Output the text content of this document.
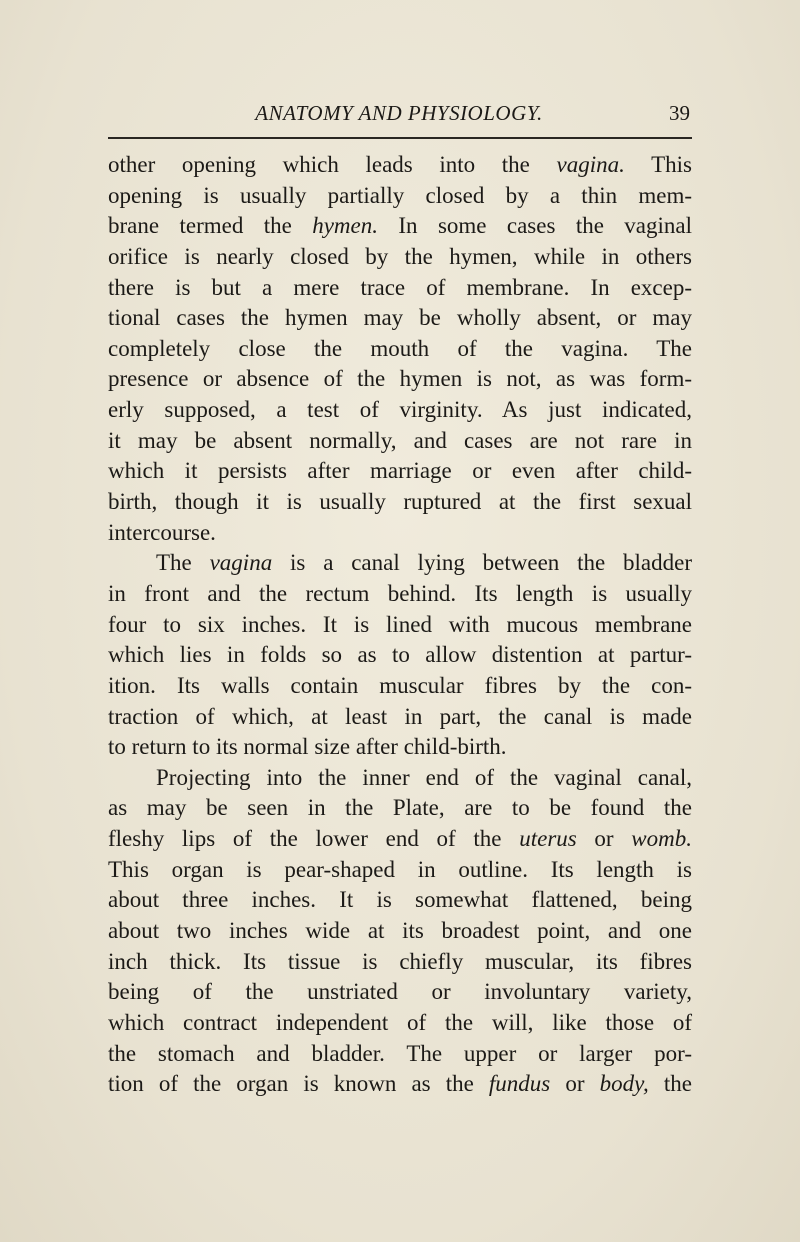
ANATOMY AND PHYSIOLOGY.	39
other opening which leads into the vagina. This
opening is usually partially closed by a thin mem-
brane termed the hymen. In some cases the vaginal
orifice is nearly closed by the hymen, while in others
there is but a mere trace of membrane. In excep-
tional cases the hymen may be wholly absent, or may
completely close the mouth of the vagina. The
presence or absence of the hymen is not, as was form-
erly supposed, a test of virginity. As just indicated,
it may be absent normally, and cases are not rare in
which it persists after marriage or even after child-
birth, though it is usually ruptured at the first sexual
intercourse.
The vagina is a canal lying between the bladder
in front and the rectum behind. Its length is usually
four to six inches. It is lined with mucous membrane
which lies in folds so as to allow distention at partur-
ition. Its walls contain muscular fibres by the con-
traction of which, at least in part, the canal is made
to return to its normal size after child-birth.
Projecting into the inner end of the vaginal canal,
as may be seen in the Plate, are to be found the
fleshy lips of the lower end of the uterus or womb.
This organ is pear-shaped in outline. Its length is
about three inches. It is somewhat flattened, being
about two inches wide at its broadest point, and one
inch thick. Its tissue is chiefly muscular, its fibres
being of the unstriated or involuntary variety,
which contract independent of the will, like those of
the stomach and bladder. The upper or larger por-
tion of the organ is known as the fundus or body, the
